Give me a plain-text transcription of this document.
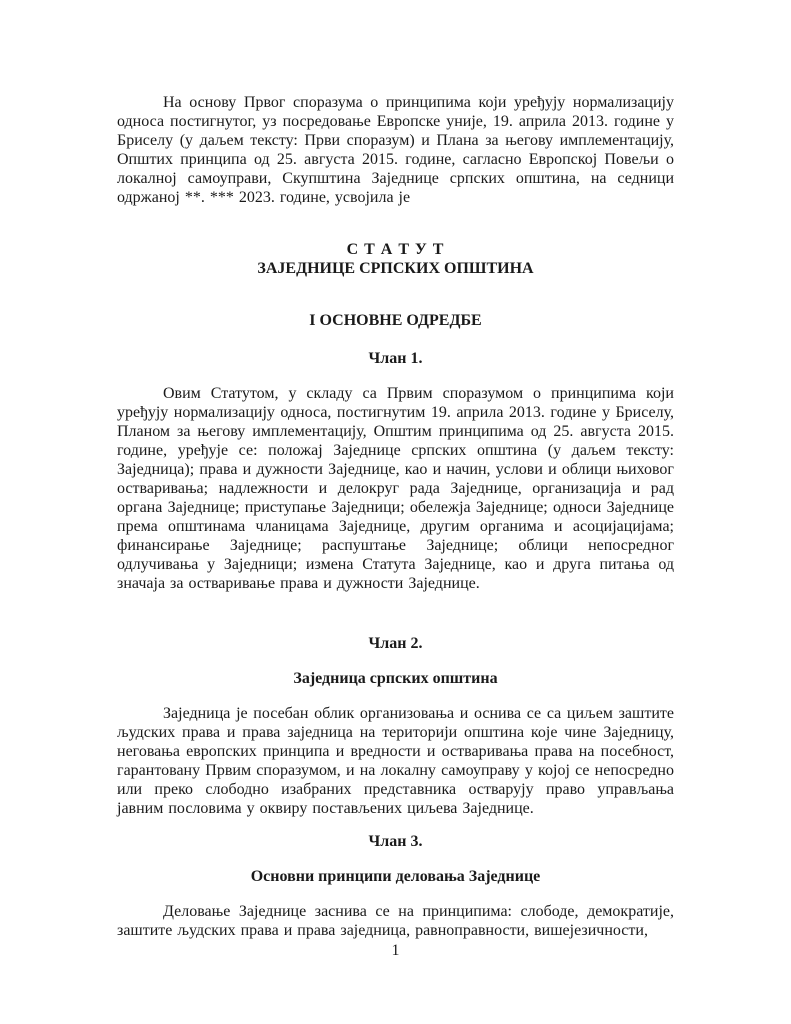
На основу Првог споразума о принципима који уређују нормализацију односа постигнутог, уз посредовање Европске уније, 19. априла 2013. године у Бриселу (у даљем тексту: Први споразум) и Плана за његову имплементацију, Општих принципа од 25. августа 2015. године, сагласно Европској Повељи о локалној самоуправи, Скупштина Заједнице српских општина, на седници одржаној **. *** 2023. године, усвојила је

С Т А Т У Т
ЗАЈЕДНИЦЕ СРПСКИХ ОПШТИНА
I ОСНОВНЕ ОДРЕДБЕ
Члан 1.

Овим Статутом, у складу са Првим споразумом о принципима који уређују нормализацију односа, постигнутим 19. априла 2013. године у Бриселу, Планом за његову имплементацију, Општим принципима од 25. августа 2015. године, уређује се: положај Заједнице српских општина (у даљем тексту: Заједница); права и дужности Заједнице, као и начин, услови и облици њиховог остваривања; надлежности и делокруг рада Заједнице, организација и рад органа Заједнице; приступање Заједници; обележја Заједнице; односи Заједнице према општинама чланицама Заједнице, другим органима и асоцијацијама; финансирање Заједнице; распуштање Заједнице; облици непосредног одлучивања у Заједници; измена Статута Заједнице, као и друга питања од значаја за остваривање права и дужности Заједнице.

Члан 2.
Заједница српских општина

Заједница је посебан облик организовања и оснива се са циљем заштите људских права и права заједница на територији општина које чине Заједницу, неговања европских принципа и вредности и остваривања права на посебност, гарантовану Првим споразумом, и на локалну самоуправу у којој се непосредно или преко слободно изабраних представника остварују право управљања јавним пословима у оквиру постављених циљева Заједнице.

Члан 3.
Основни принципи деловања Заједнице

Деловање Заједнице заснива се на принципима: слободе, демократије, заштите људских права и права заједница, равноправности, вишејезичности,

1
